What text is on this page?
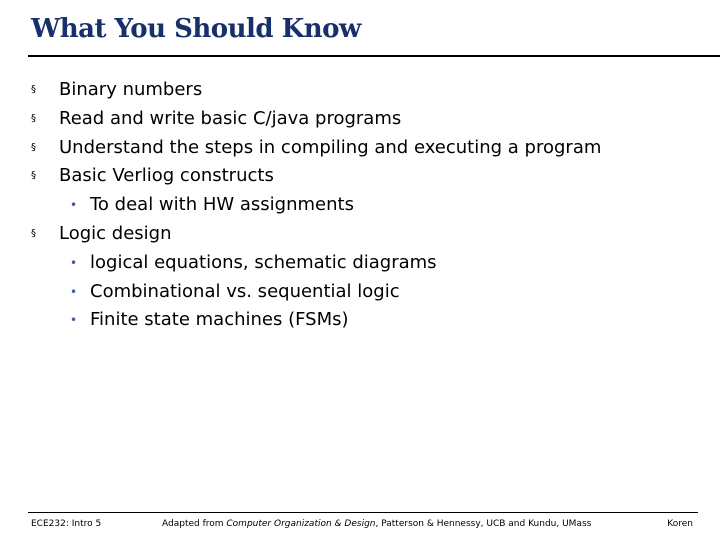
What You Should Know
§ Binary numbers
§ Read and write basic C/java programs
§ Understand the steps in compiling and executing a program
§ Basic Verliog constructs
• To deal with HW assignments
§ Logic design
• logical equations, schematic diagrams
• Combinational vs. sequential logic
• Finite state machines (FSMs)
ECE232: Intro 5	Adapted from Computer Organization & Design, Patterson & Hennessy, UCB and Kundu, UMass	Koren
